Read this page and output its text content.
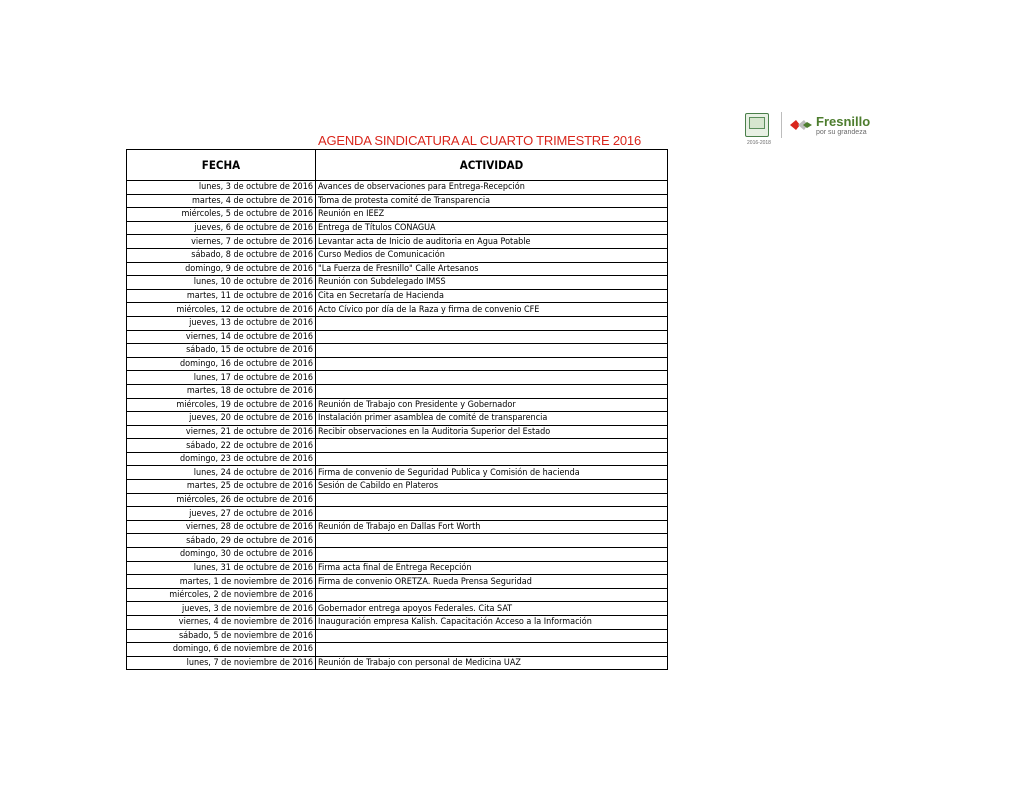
2016-2018
Fresnillo
por su grandeza
AGENDA SINDICATURA AL CUARTO TRIMESTRE 2016
FECHA	ACTIVIDAD
lunes, 3 de octubre de 2016	Avances de observaciones para Entrega-Recepción
martes, 4 de octubre de 2016	Toma de protesta comité de Transparencia
miércoles, 5 de octubre de 2016	Reunión en IEEZ
jueves, 6 de octubre de 2016	Entrega de Títulos CONAGUA
viernes, 7 de octubre de 2016	Levantar acta de Inicio de auditoria en Agua Potable
sábado, 8 de octubre de 2016	Curso Medios de Comunicación
domingo, 9 de octubre de 2016	"La Fuerza de Fresnillo" Calle Artesanos
lunes, 10 de octubre de 2016	Reunión con Subdelegado IMSS
martes, 11 de octubre de 2016	Cita en Secretaría de Hacienda
miércoles, 12 de octubre de 2016	Acto Cívico por día de la Raza y firma de convenio CFE
jueves, 13 de octubre de 2016	
viernes, 14 de octubre de 2016	
sábado, 15 de octubre de 2016	
domingo, 16 de octubre de 2016	
lunes, 17 de octubre de 2016	
martes, 18 de octubre de 2016	
miércoles, 19 de octubre de 2016	Reunión de Trabajo con Presidente y Gobernador
jueves, 20 de octubre de 2016	Instalación primer asamblea de comité de transparencia
viernes, 21 de octubre de 2016	Recibir observaciones en la Auditoria Superior del Estado
sábado, 22 de octubre de 2016	
domingo, 23 de octubre de 2016	
lunes, 24 de octubre de 2016	Firma de convenio de Seguridad Publica y Comisión de hacienda
martes, 25 de octubre de 2016	Sesión de Cabildo en Plateros
miércoles, 26 de octubre de 2016	
jueves, 27 de octubre de 2016	
viernes, 28 de octubre de 2016	Reunión de Trabajo en Dallas Fort Worth
sábado, 29 de octubre de 2016	
domingo, 30 de octubre de 2016	
lunes, 31 de octubre de 2016	Firma acta final de Entrega Recepción
martes, 1 de noviembre de 2016	Firma de convenio ORETZA. Rueda Prensa Seguridad
miércoles, 2 de noviembre de 2016	
jueves, 3 de noviembre de 2016	Gobernador entrega apoyos Federales. Cita SAT
viernes, 4 de noviembre de 2016	Inauguración empresa Kalish. Capacitación Acceso a la Información
sábado, 5 de noviembre de 2016	
domingo, 6 de noviembre de 2016	
lunes, 7 de noviembre de 2016	Reunión de Trabajo con personal de Medicina UAZ
